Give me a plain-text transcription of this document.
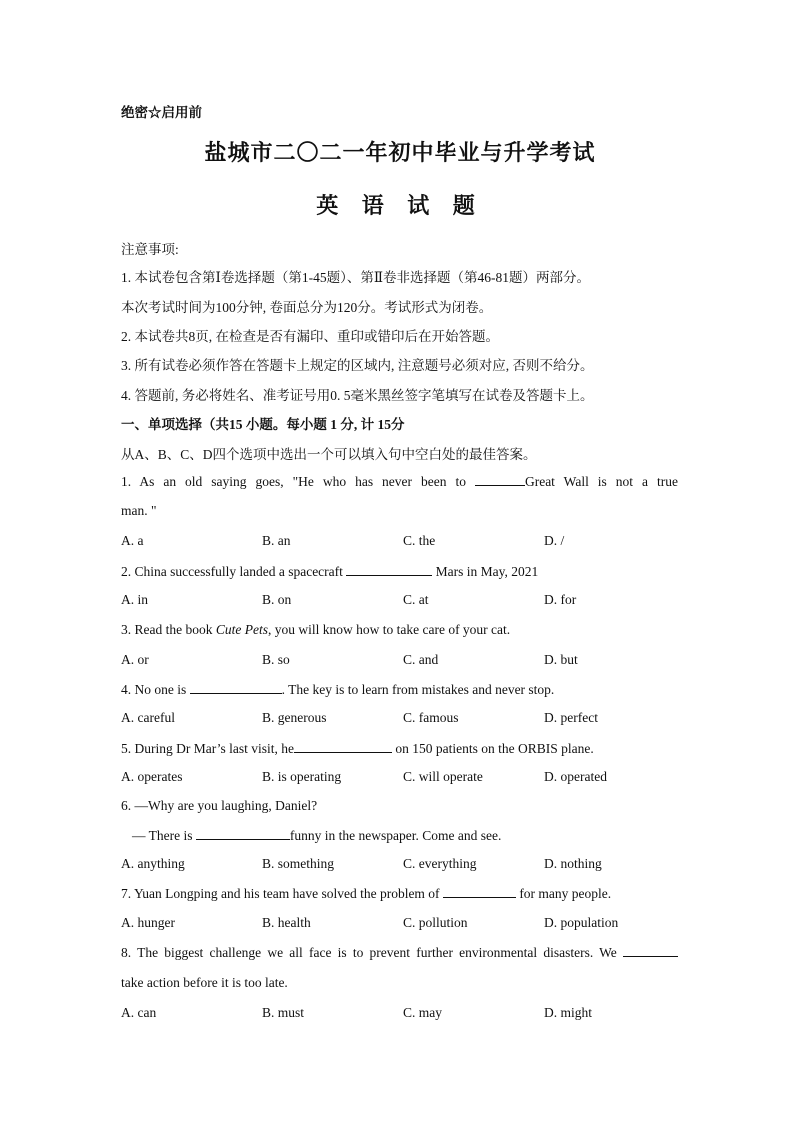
绝密☆启用前
盐城市二〇二一年初中毕业与升学考试
英 语 试 题
注意事项:
1. 本试卷包含第Ⅰ卷选择题（第1-45题）、第Ⅱ卷非选择题（第46-81题）两部分。
本次考试时间为100分钟, 卷面总分为120分。考试形式为闭卷。
2. 本试卷共8页, 在检查是否有漏印、重印或错印后在开始答题。
3. 所有试卷必须作答在答题卡上规定的区域内, 注意题号必须对应, 否则不给分。
4. 答题前, 务必将姓名、准考证号用0. 5毫米黑丝签字笔填写在试卷及答题卡上。
一、单项选择（共15 小题。每小题 1 分, 计 15分
从A、B、C、D四个选项中选出一个可以填入句中空白处的最佳答案。
1. As an old saying goes, "He who has never been to	Great Wall is not a true
man. "
A. a	B. an	C. the	D. /
2. China successfully landed a spacecraft	Mars in May, 2021
A. in	B. on	C. at	D. for
3. Read the book Cute Pets, you will know how to take care of your cat.
A. or	B. so	C. and	D. but
4. No one is	. The key is to learn from mistakes and never stop.
A. careful	B. generous	C. famous	D. perfect
5. During Dr Mar’s last visit, he	on 150 patients on the ORBIS plane.
A. operates	B. is operating	C. will operate	D. operated
6. —Why are you laughing, Daniel?
— There is	funny in the newspaper. Come and see.
A. anything	B. something	C. everything	D. nothing
7. Yuan Longping and his team have solved the problem of	for many people.
A. hunger	B. health	C. pollution	D. population
8. The biggest challenge we all face is to prevent further environmental disasters. We
take action before it is too late.
A. can	B. must	C. may	D. might
